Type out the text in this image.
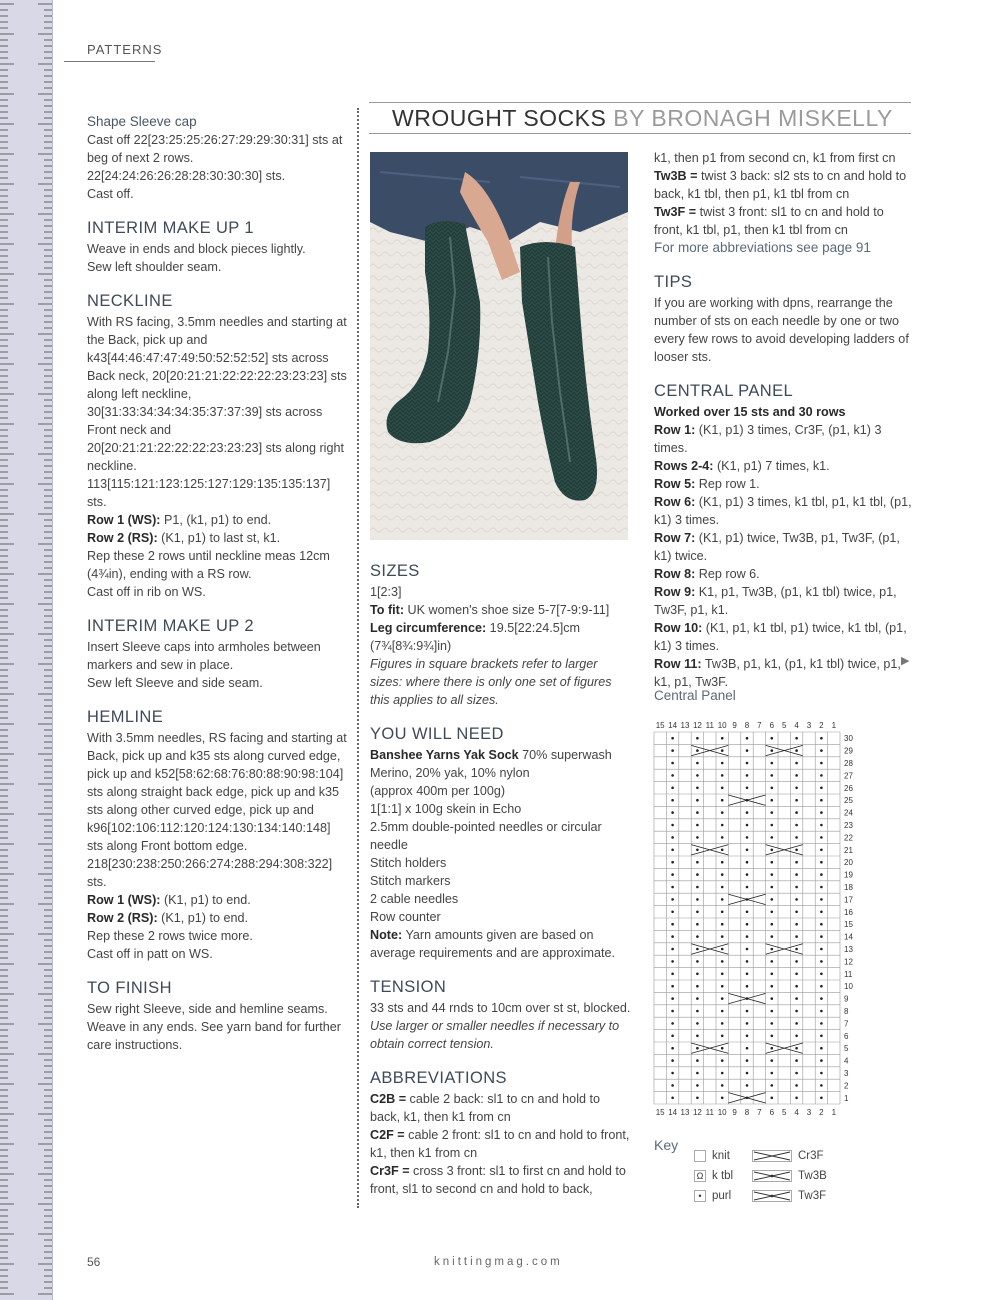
PATTERNS
WROUGHT SOCKS BY BRONAGH MISKELLY

Shape Sleeve cap

Cast off 22[23:25:25:26:27:29:29:30:31] sts at beg of next 2 rows.

22[24:24:26:26:28:28:30:30:30] sts.

Cast off.

INTERIM MAKE UP 1

Weave in ends and block pieces lightly.

Sew left shoulder seam.

NECKLINE

With RS facing, 3.5mm needles and starting at the Back, pick up and k43[44:46:47:47:49:50:52:52:52] sts across Back neck, 20[20:21:21:22:22:22:23:23:23] sts along left neckline, 30[31:33:34:34:34:35:37:37:39] sts across Front neck and 20[20:21:21:22:22:22:23:23:23] sts along right neckline.

113[115:121:123:125:127:129:135:135:137] sts.

Row 1 (WS): P1, (k1, p1) to end.

Row 2 (RS): (K1, p1) to last st, k1.

Rep these 2 rows until neckline meas 12cm (4¾in), ending with a RS row.

Cast off in rib on WS.

INTERIM MAKE UP 2

Insert Sleeve caps into armholes between markers and sew in place.

Sew left Sleeve and side seam.

HEMLINE

With 3.5mm needles, RS facing and starting at Back, pick up and k35 sts along curved edge, pick up and k52[58:62:68:76:80:88:90:98:104] sts along straight back edge, pick up and k35 sts along other curved edge, pick up and k96[102:106:112:120:124:130:134:140:148] sts along Front bottom edge.

218[230:238:250:266:274:288:294:308:322] sts.

Row 1 (WS): (K1, p1) to end.

Row 2 (RS): (K1, p1) to end.

Rep these 2 rows twice more.

Cast off in patt on WS.

TO FINISH

Sew right Sleeve, side and hemline seams. Weave in any ends. See yarn band for further care instructions.

SIZES

1[2:3]

To fit: UK women's shoe size 5-7[7-9:9-11]

Leg circumference: 19.5[22:24.5]cm (7¾[8¾:9¾]in)

Figures in square brackets refer to larger sizes: where there is only one set of figures this applies to all sizes.

YOU WILL NEED

Banshee Yarns Yak Sock 70% superwash Merino, 20% yak, 10% nylon

(approx 400m per 100g)

1[1:1] x 100g skein in Echo

2.5mm double-pointed needles or circular needle

Stitch holders

Stitch markers

2 cable needles

Row counter

Note: Yarn amounts given are based on average requirements and are approximate.

TENSION

33 sts and 44 rnds to 10cm over st st, blocked.

Use larger or smaller needles if necessary to obtain correct tension.

ABBREVIATIONS

C2B = cable 2 back: sl1 to cn and hold to back, k1, then k1 from cn

C2F = cable 2 front: sl1 to cn and hold to front, k1, then k1 from cn

Cr3F = cross 3 front: sl1 to first cn and hold to front, sl1 to second cn and hold to back,

k1, then p1 from second cn, k1 from first cn

Tw3B = twist 3 back: sl2 sts to cn and hold to back, k1 tbl, then p1, k1 tbl from cn

Tw3F = twist 3 front: sl1 to cn and hold to front, k1 tbl, p1, then k1 tbl from cn

For more abbreviations see page 91

TIPS

If you are working with dpns, rearrange the number of sts on each needle by one or two every few rows to avoid developing ladders of looser sts.

CENTRAL PANEL

Worked over 15 sts and 30 rows

Row 1: (K1, p1) 3 times, Cr3F, (p1, k1) 3 times.

Rows 2-4: (K1, p1) 7 times, k1.

Row 5: Rep row 1.

Row 6: (K1, p1) 3 times, k1 tbl, p1, k1 tbl, (p1, k1) 3 times.

Row 7: (K1, p1) twice, Tw3B, p1, Tw3F, (p1, k1) twice.

Row 8: Rep row 6.

Row 9: K1, p1, Tw3B, (p1, k1 tbl) twice, p1, Tw3F, p1, k1.

Row 10: (K1, p1, k1 tbl, p1) twice, k1 tbl, (p1, k1) 3 times.

Row 11: Tw3B, p1, k1, (p1, k1 tbl) twice, p1, k1, p1, Tw3F.

▶
Central Panel
15
15
14
14
13
13
12
12
11
11
10
10
9
9
8
8
7
7
6
6
5
5
4
4
3
3
2
2
1
1
1
2
3
4
5
6
7
8
9
10
11
12
13
14
15
16
17
18
19
20
21
22
23
24
25
26
27
28
29
30
Key
knit
Ω k tbl
• purl
Cr3F
Tw3B
Tw3F
56	knittingmag.com
